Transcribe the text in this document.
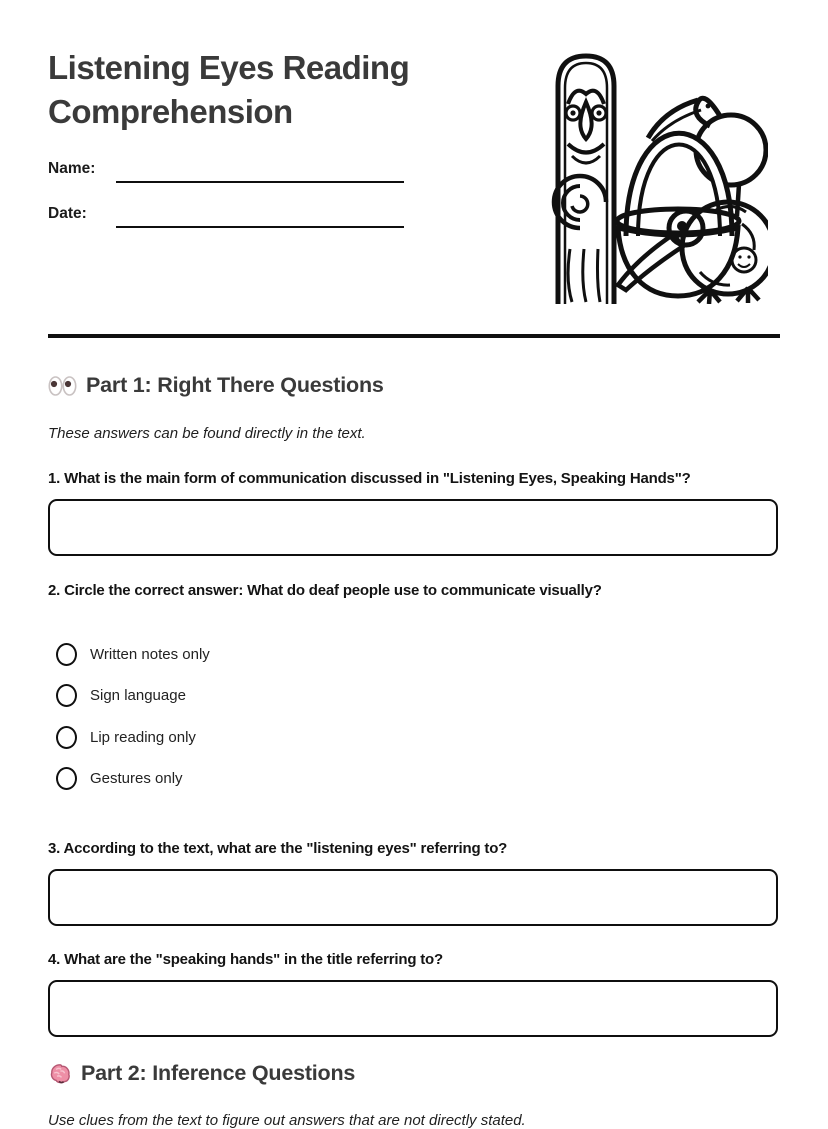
Listening Eyes Reading Comprehension
Name:
Date:
Part 1: Right There Questions

These answers can be found directly in the text.

1. What is the main form of communication discussed in "Listening Eyes, Speaking Hands"?

2. Circle the correct answer: What do deaf people use to communicate visually?

Written notes only
Sign language
Lip reading only
Gestures only

3. According to the text, what are the "listening eyes" referring to?

4. What are the "speaking hands" in the title referring to?

Part 2: Inference Questions

Use clues from the text to figure out answers that are not directly stated.
